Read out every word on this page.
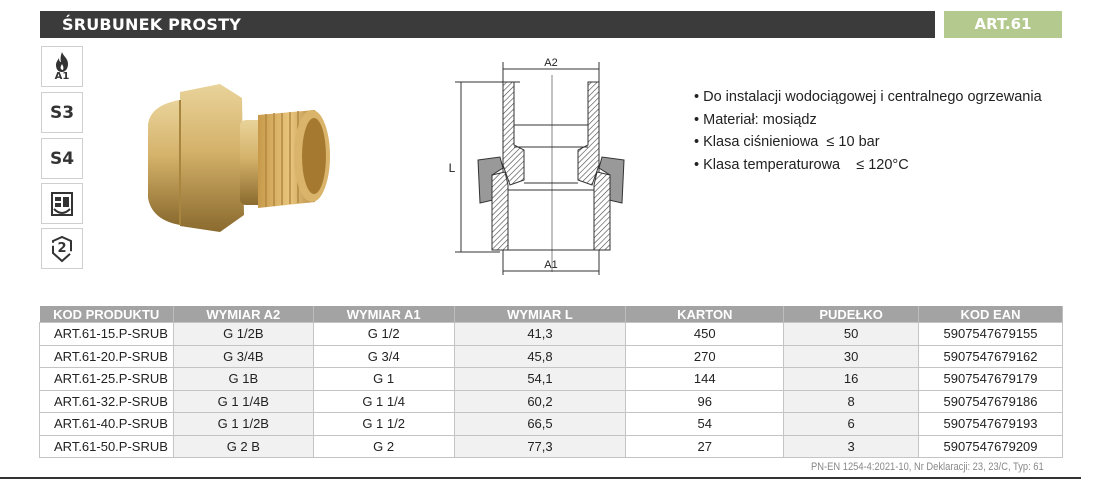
ŚRUBUNEK PROSTY	ART.61
A1
S3
S4
2
A2
A1
L
• Do instalacji wodociągowej i centralnego ogrzewania
• Materiał: mosiądz
• Klasa ciśnieniowa  ≤ 10 bar
• Klasa temperaturowa    ≤ 120°C
KOD PRODUKTU	WYMIAR A2	WYMIAR A1	WYMIAR L	KARTON	PUDEŁKO	KOD EAN
ART.61-15.P-SRUB	G 1/2B	G 1/2	41,3	450	50	5907547679155
ART.61-20.P-SRUB	G 3/4B	G 3/4	45,8	270	30	5907547679162
ART.61-25.P-SRUB	G 1B	G 1	54,1	144	16	5907547679179
ART.61-32.P-SRUB	G 1 1/4B	G 1 1/4	60,2	96	8	5907547679186
ART.61-40.P-SRUB	G 1 1/2B	G 1 1/2	66,5	54	6	5907547679193
ART.61-50.P-SRUB	G 2 B	G 2	77,3	27	3	5907547679209
PN-EN 1254-4:2021-10, Nr Deklaracji: 23, 23/C, Typ: 61
